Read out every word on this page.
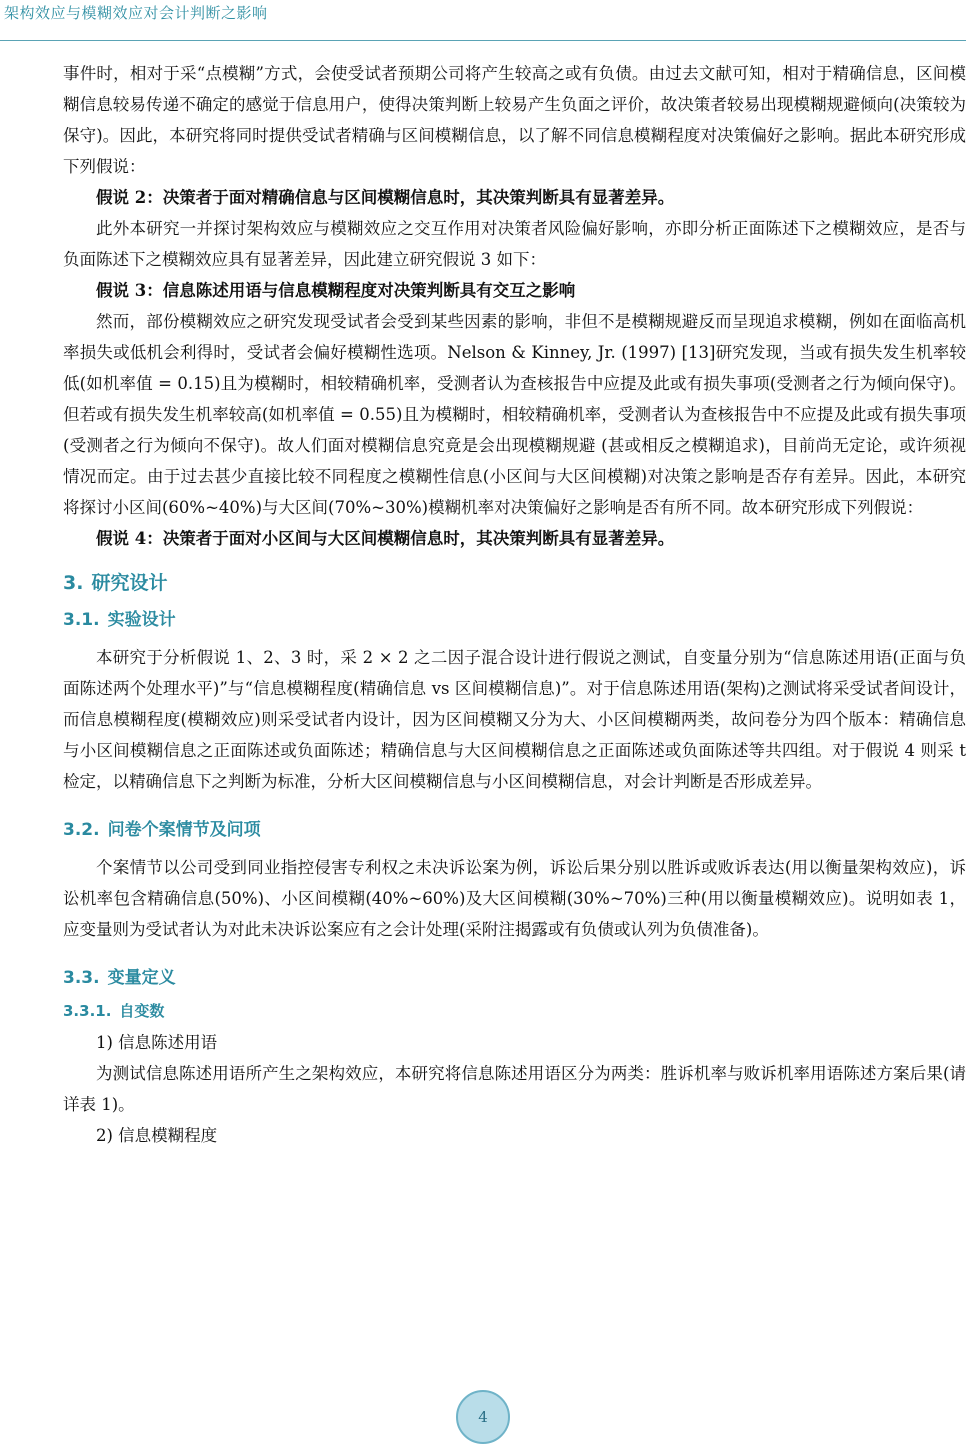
架构效应与模糊效应对会计判断之影响

事件时，相对于采“点模糊”方式，会使受试者预期公司将产生较高之或有负债。由过去文献可知，相对于精确信息，区间模糊信息较易传递不确定的感觉于信息用户，使得决策判断上较易产生负面之评价，故决策者较易出现模糊规避倾向(决策较为保守)。因此，本研究将同时提供受试者精确与区间模糊信息，以了解不同信息模糊程度对决策偏好之影响。据此本研究形成下列假说：

假说 2：决策者于面对精确信息与区间模糊信息时，其决策判断具有显著差异。

此外本研究一并探讨架构效应与模糊效应之交互作用对决策者风险偏好影响，亦即分析正面陈述下之模糊效应，是否与负面陈述下之模糊效应具有显著差异，因此建立研究假说 3 如下：

假说 3：信息陈述用语与信息模糊程度对决策判断具有交互之影响

然而，部份模糊效应之研究发现受试者会受到某些因素的影响，非但不是模糊规避反而呈现追求模糊，例如在面临高机率损失或低机会利得时，受试者会偏好模糊性选项。Nelson & Kinney, Jr. (1997) [13]研究发现，当或有损失发生机率较低(如机率值 = 0.15)且为模糊时，相较精确机率，受测者认为查核报告中应提及此或有损失事项(受测者之行为倾向保守)。但若或有损失发生机率较高(如机率值 = 0.55)且为模糊时，相较精确机率，受测者认为查核报告中不应提及此或有损失事项(受测者之行为倾向不保守)。故人们面对模糊信息究竟是会出现模糊规避 (甚或相反之模糊追求)，目前尚无定论，或许须视情况而定。由于过去甚少直接比较不同程度之模糊性信息(小区间与大区间模糊)对决策之影响是否存有差异。因此，本研究将探讨小区间(60%~40%)与大区间(70%~30%)模糊机率对决策偏好之影响是否有所不同。故本研究形成下列假说：

假说 4：决策者于面对小区间与大区间模糊信息时，其决策判断具有显著差异。

3. 研究设计
3.1. 实验设计

本研究于分析假说 1、2、3 时，采 2 × 2 之二因子混合设计进行假说之测试，自变量分别为“信息陈述用语(正面与负面陈述两个处理水平)”与“信息模糊程度(精确信息 vs 区间模糊信息)”。对于信息陈述用语(架构)之测试将采受试者间设计，而信息模糊程度(模糊效应)则采受试者内设计，因为区间模糊又分为大、小区间模糊两类，故问卷分为四个版本：精确信息与小区间模糊信息之正面陈述或负面陈述；精确信息与大区间模糊信息之正面陈述或负面陈述等共四组。对于假说 4 则采 t 检定，以精确信息下之判断为标准，分析大区间模糊信息与小区间模糊信息，对会计判断是否形成差异。

3.2. 问卷个案情节及问项

个案情节以公司受到同业指控侵害专利权之未决诉讼案为例，诉讼后果分别以胜诉或败诉表达(用以衡量架构效应)，诉讼机率包含精确信息(50%)、小区间模糊(40%~60%)及大区间模糊(30%~70%)三种(用以衡量模糊效应)。说明如表 1，应变量则为受试者认为对此未决诉讼案应有之会计处理(采附注揭露或有负债或认列为负债准备)。

3.3. 变量定义
3.3.1. 自变数

1) 信息陈述用语

为测试信息陈述用语所产生之架构效应，本研究将信息陈述用语区分为两类：胜诉机率与败诉机率用语陈述方案后果(请详表 1)。

2) 信息模糊程度

4
